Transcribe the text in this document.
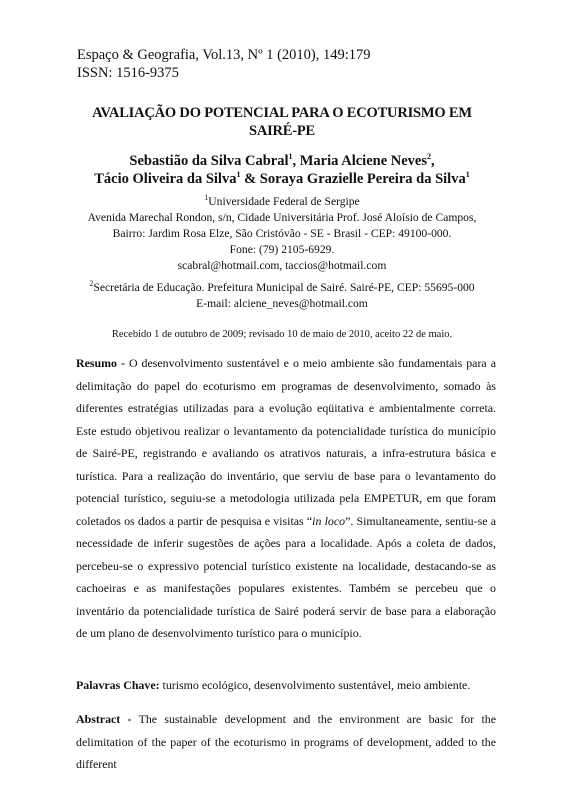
Espaço & Geografia, Vol.13, Nº 1 (2010), 149:179
ISSN: 1516-9375
AVALIAÇÃO DO POTENCIAL PARA O ECOTURISMO EM
SAIRÉ-PE
Sebastião da Silva Cabral$^1$, Maria Alciene Neves$^2$,
Tácio Oliveira da Silva$^1$ & Soraya Grazielle Pereira da Silva$^1$
$^1$Universidade Federal de Sergipe
Avenida Marechal Rondon, s/n, Cidade Universitária Prof. José Aloísio de Campos,
Bairro: Jardim Rosa Elze, São Cristóvão - SE - Brasil - CEP: 49100-000.
Fone: (79) 2105-6929.
scabral@hotmail.com, taccios@hotmail.com
$^2$Secretária de Educação. Prefeitura Municipal de Sairé. Sairé-PE, CEP: 55695-000
E-mail: alciene_neves@hotmail.com
Recebido 1 de outubro de 2009; revisado 10 de maio de 2010, aceito 22 de maio.
Resumo - O desenvolvimento sustentável e o meio ambiente são fundamentais para a delimitação do papel do ecoturismo em programas de desenvolvimento, somado às diferentes estratégias utilizadas para a evolução eqüitativa e ambientalmente correta. Este estudo objetivou realizar o levantamento da potencialidade turística do município de Sairé-PE, registrando e avaliando os atrativos naturais, a infra-estrutura básica e turística. Para a realização do inventário, que serviu de base para o levantamento do potencial turístico, seguiu-se a metodologia utilizada pela EMPETUR, em que foram coletados os dados a partir de pesquisa e visitas “in loco”. Simultaneamente, sentiu-se a necessidade de inferir sugestões de ações para a localidade. Após a coleta de dados, percebeu-se o expressivo potencial turístico existente na localidade, destacando-se as cachoeiras e as manifestações populares existentes. Também se percebeu que o inventário da potencialidade turística de Sairé poderá servir de base para a elaboração de um plano de desenvolvimento turístico para o município.
Palavras Chave: turismo ecológico, desenvolvimento sustentável, meio ambiente.
Abstract - The sustainable development and the environment are basic for the delimitation of the paper of the ecoturismo in programs of development, added to the different
